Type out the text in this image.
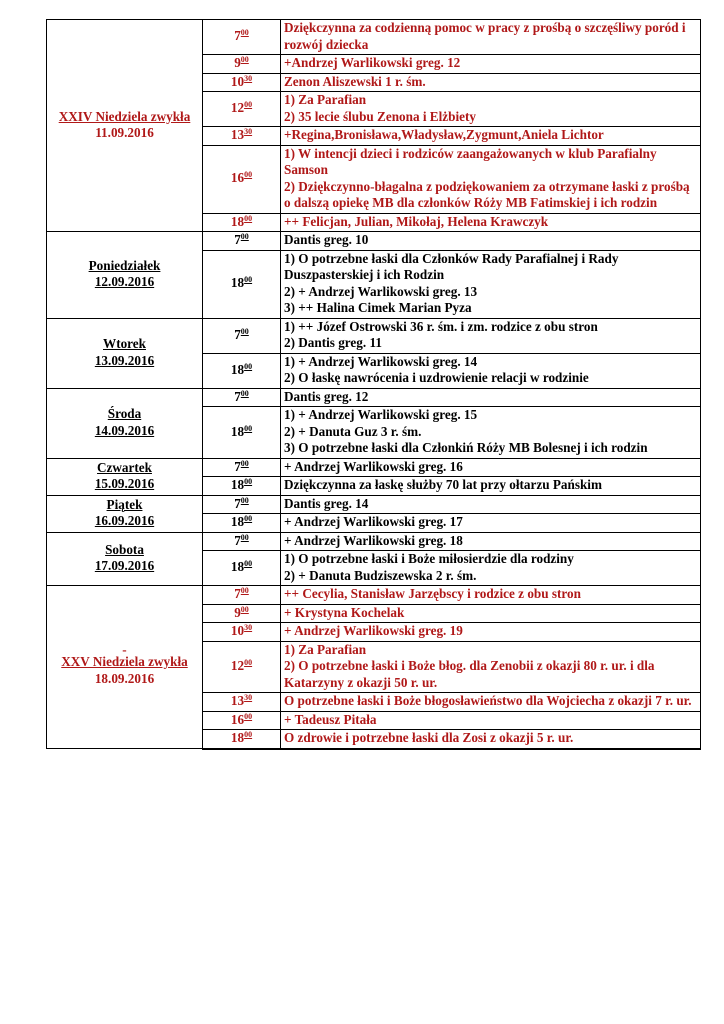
XXIV Niedziela zwykła
11.09.2016	$7^{00}$	Dziękczynna za codzienną pomoc w pracy z prośbą o szczęśliwy poród i rozwój dziecka
	$9^{00}$	+Andrzej Warlikowski greg. 12
	$10^{30}$	Zenon Aliszewski 1 r. śm.
	$12^{00}$	1) Za Parafian
2) 35 lecie ślubu Zenona i Elżbiety
	$13^{30}$	+Regina,Bronisława,Władysław,Zygmunt,Aniela Lichtor
	$16^{00}$	1) W intencji dzieci i rodziców zaangażowanych w klub Parafialny Samson
2) Dziękczynno-błagalna z podziękowaniem za otrzymane łaski z prośbą o dalszą opiekę MB dla członków Róży MB Fatimskiej i ich rodzin
	$18^{00}$	++ Felicjan, Julian, Mikołaj, Helena Krawczyk
Poniedziałek
12.09.2016	$7^{00}$	Dantis greg. 10
	$18^{00}$	1) O potrzebne łaski dla Członków Rady Parafialnej i Rady Duszpasterskiej i ich Rodzin
2) + Andrzej Warlikowski greg. 13
3) ++ Halina Cimek Marian Pyza
Wtorek
13.09.2016	$7^{00}$	1) ++ Józef Ostrowski 36 r. śm. i zm. rodzice z obu stron
2) Dantis greg. 11
	$18^{00}$	1) + Andrzej Warlikowski greg. 14
2) O łaskę nawrócenia i uzdrowienie relacji w rodzinie
Środa
14.09.2016	$7^{00}$	Dantis greg. 12
	$18^{00}$	1) + Andrzej Warlikowski greg. 15
2) + Danuta Guz 3 r. śm.
3) O potrzebne łaski dla Członkiń Róży MB Bolesnej i ich rodzin
Czwartek
15.09.2016	$7^{00}$	+ Andrzej Warlikowski greg. 16
	$18^{00}$	Dziękczynna za łaskę służby 70 lat przy ołtarzu Pańskim
Piątek
16.09.2016	$7^{00}$	Dantis greg. 14
	$18^{00}$	+ Andrzej Warlikowski greg. 17
Sobota
17.09.2016	$7^{00}$	+ Andrzej Warlikowski greg. 18
	$18^{00}$	1) O potrzebne łaski i Boże miłosierdzie dla rodziny
2) + Danuta Budziszewska 2 r. śm.

-
XXV Niedziela zwykła
18.09.2016	$7^{00}$	++ Cecylia, Stanisław Jarzębscy i rodzice z obu stron
	$9^{00}$	+ Krystyna Kochelak
	$10^{30}$	+ Andrzej Warlikowski greg. 19
	$12^{00}$	1) Za Parafian
2) O potrzebne łaski i Boże błog. dla Zenobii z okazji 80 r. ur. i dla Katarzyny z okazji 50 r. ur.
	$13^{30}$	O potrzebne łaski i Boże błogosławieństwo dla Wojciecha z okazji 7 r. ur.
	$16^{00}$	+ Tadeusz Pitała
	$18^{00}$	O zdrowie i potrzebne łaski dla Zosi z okazji 5 r. ur.
